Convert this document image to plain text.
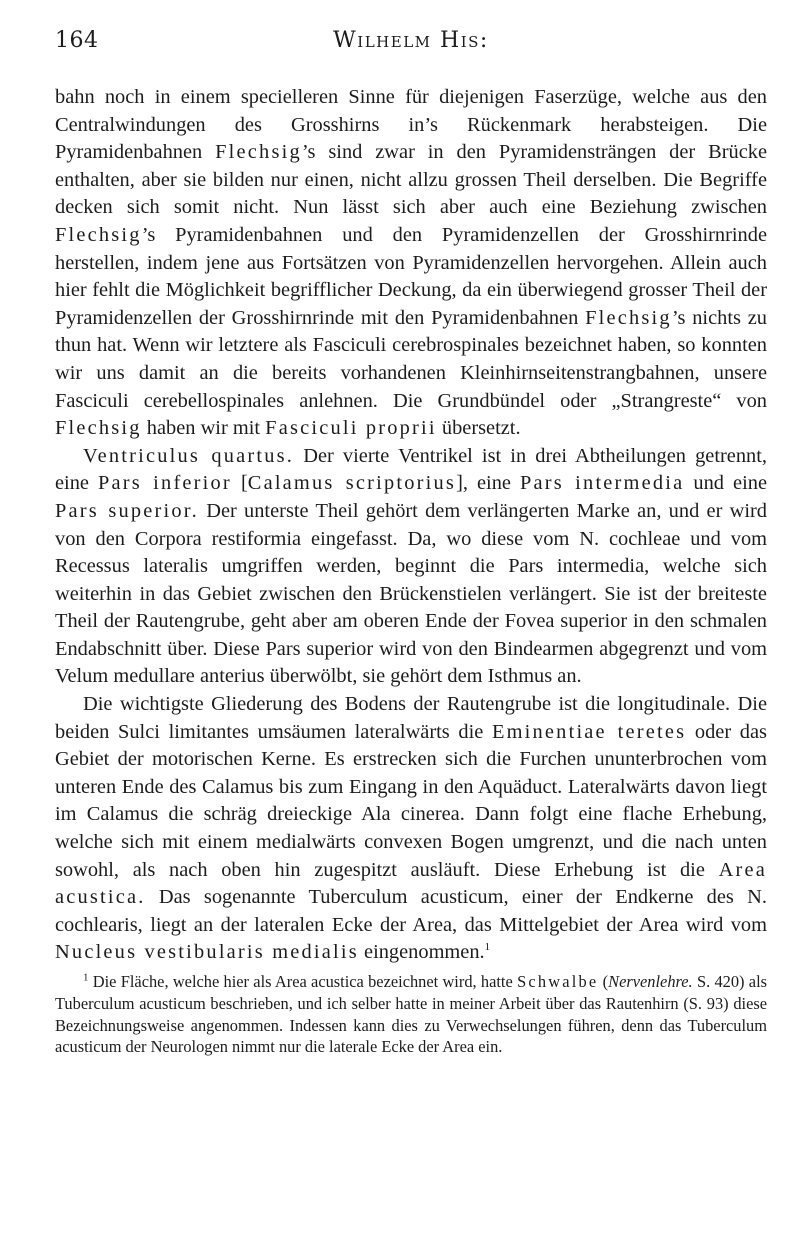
164	Wilhelm His:

bahn noch in einem specielleren Sinne für diejenigen Faserzüge, welche aus den Centralwindungen des Grosshirns in’s Rückenmark herabsteigen. Die Pyramidenbahnen Flechsig’s sind zwar in den Pyramidensträngen der Brücke enthalten, aber sie bilden nur einen, nicht allzu grossen Theil derselben. Die Begriffe decken sich somit nicht. Nun lässt sich aber auch eine Beziehung zwischen Flechsig’s Pyramidenbahnen und den Pyramidenzellen der Grosshirnrinde herstellen, indem jene aus Fortsätzen von Pyramidenzellen hervorgehen. Allein auch hier fehlt die Möglichkeit begrifflicher Deckung, da ein überwiegend grosser Theil der Pyramidenzellen der Grosshirnrinde mit den Pyramidenbahnen Flechsig’s nichts zu thun hat. Wenn wir letztere als Fasciculi cerebrospinales bezeichnet haben, so konnten wir uns damit an die bereits vorhandenen Kleinhirnseitenstrangbahnen, unsere Fasciculi cerebellospinales anlehnen. Die Grundbündel oder „Strangreste“ von Flechsig haben wir mit Fasciculi proprii übersetzt.

Ventriculus quartus. Der vierte Ventrikel ist in drei Abtheilungen getrennt, eine Pars inferior [Calamus scriptorius], eine Pars intermedia und eine Pars superior. Der unterste Theil gehört dem verlängerten Marke an, und er wird von den Corpora restiformia eingefasst. Da, wo diese vom N. cochleae und vom Recessus lateralis umgriffen werden, beginnt die Pars intermedia, welche sich weiterhin in das Gebiet zwischen den Brückenstielen verlängert. Sie ist der breiteste Theil der Rautengrube, geht aber am oberen Ende der Fovea superior in den schmalen Endabschnitt über. Diese Pars superior wird von den Bindearmen abgegrenzt und vom Velum medullare anterius überwölbt, sie gehört dem Isthmus an.

Die wichtigste Gliederung des Bodens der Rautengrube ist die longitudinale. Die beiden Sulci limitantes umsäumen lateralwärts die Eminentiae teretes oder das Gebiet der motorischen Kerne. Es erstrecken sich die Furchen ununterbrochen vom unteren Ende des Calamus bis zum Eingang in den Aquäduct. Lateralwärts davon liegt im Calamus die schräg dreieckige Ala cinerea. Dann folgt eine flache Erhebung, welche sich mit einem medialwärts convexen Bogen umgrenzt, und die nach unten sowohl, als nach oben hin zugespitzt ausläuft. Diese Erhebung ist die Area acustica. Das sogenannte Tuberculum acusticum, einer der Endkerne des N. cochlearis, liegt an der lateralen Ecke der Area, das Mittelgebiet der Area wird vom Nucleus vestibularis medialis eingenommen.$^1$

$^1$ Die Fläche, welche hier als Area acustica bezeichnet wird, hatte Schwalbe (Nervenlehre. S. 420) als Tuberculum acusticum beschrieben, und ich selber hatte in meiner Arbeit über das Rautenhirn (S. 93) diese Bezeichnungsweise angenommen. Indessen kann dies zu Verwechselungen führen, denn das Tuberculum acusticum der Neurologen nimmt nur die laterale Ecke der Area ein.
